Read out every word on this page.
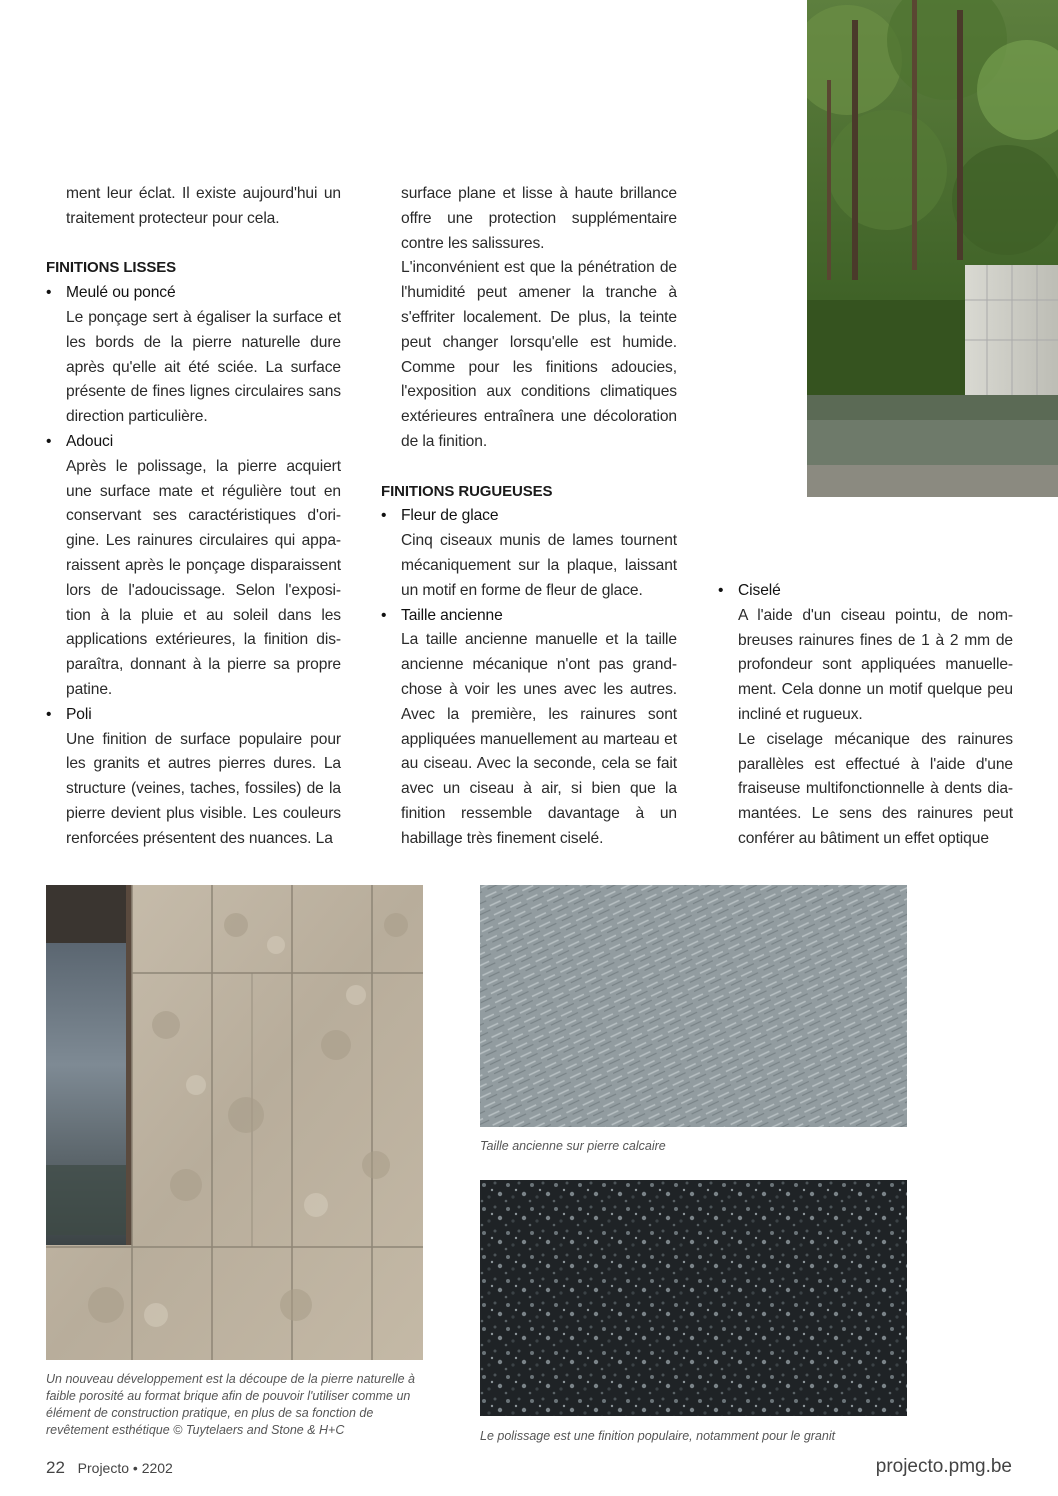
ment leur éclat. Il existe aujourd'hui un traitement protecteur pour cela.

FINITIONS LISSES

• Meulé ou poncé

Le ponçage sert à égaliser la surface et les bords de la pierre naturelle dure après qu'elle ait été sciée. La surface présente de fines lignes circulaires sans direction particulière.

• Adouci

Après le polissage, la pierre acquiert une surface mate et régulière tout en conservant ses caractéristiques d'ori-gine. Les rainures circulaires qui appa-raissent après le ponçage disparaissent lors de l'adoucissage. Selon l'exposi-tion à la pluie et au soleil dans les applications extérieures, la finition dis-paraîtra, donnant à la pierre sa propre patine.

• Poli

Une finition de surface populaire pour les granits et autres pierres dures. La structure (veines, taches, fossiles) de la pierre devient plus visible. Les couleurs renforcées présentent des nuances. La

surface plane et lisse à haute brillance offre une protection supplémentaire contre les salissures.

L'inconvénient est que la pénétration de l'humidité peut amener la tranche à s'effriter localement. De plus, la teinte peut changer lorsqu'elle est humide. Comme pour les finitions adoucies, l'exposition aux conditions climatiques extérieures entraînera une décoloration de la finition.

FINITIONS RUGUEUSES

• Fleur de glace

Cinq ciseaux munis de lames tournent mécaniquement sur la plaque, laissant un motif en forme de fleur de glace.

• Taille ancienne

La taille ancienne manuelle et la taille ancienne mécanique n'ont pas grand-chose à voir les unes avec les autres. Avec la première, les rainures sont appliquées manuellement au marteau et au ciseau. Avec la seconde, cela se fait avec un ciseau à air, si bien que la finition ressemble davantage à un habillage très finement ciselé.

• Ciselé

A l'aide d'un ciseau pointu, de nom-breuses rainures fines de 1 à 2 mm de profondeur sont appliquées manuelle-ment. Cela donne un motif quelque peu incliné et rugueux.

Le ciselage mécanique des rainures parallèles est effectué à l'aide d'une fraiseuse multifonctionnelle à dents dia-mantées. Le sens des rainures peut conférer au bâtiment un effet optique

Un nouveau développement est la découpe de la pierre naturelle à faible porosité au format brique afin de pouvoir l'utiliser comme un élément de construction pratique, en plus de sa fonction de revêtement esthétique © Tuytelaers and Stone & H+C

Taille ancienne sur pierre calcaire

Le polissage est une finition populaire, notamment pour le granit

22 Projecto • 2202	projecto.pmg.be
